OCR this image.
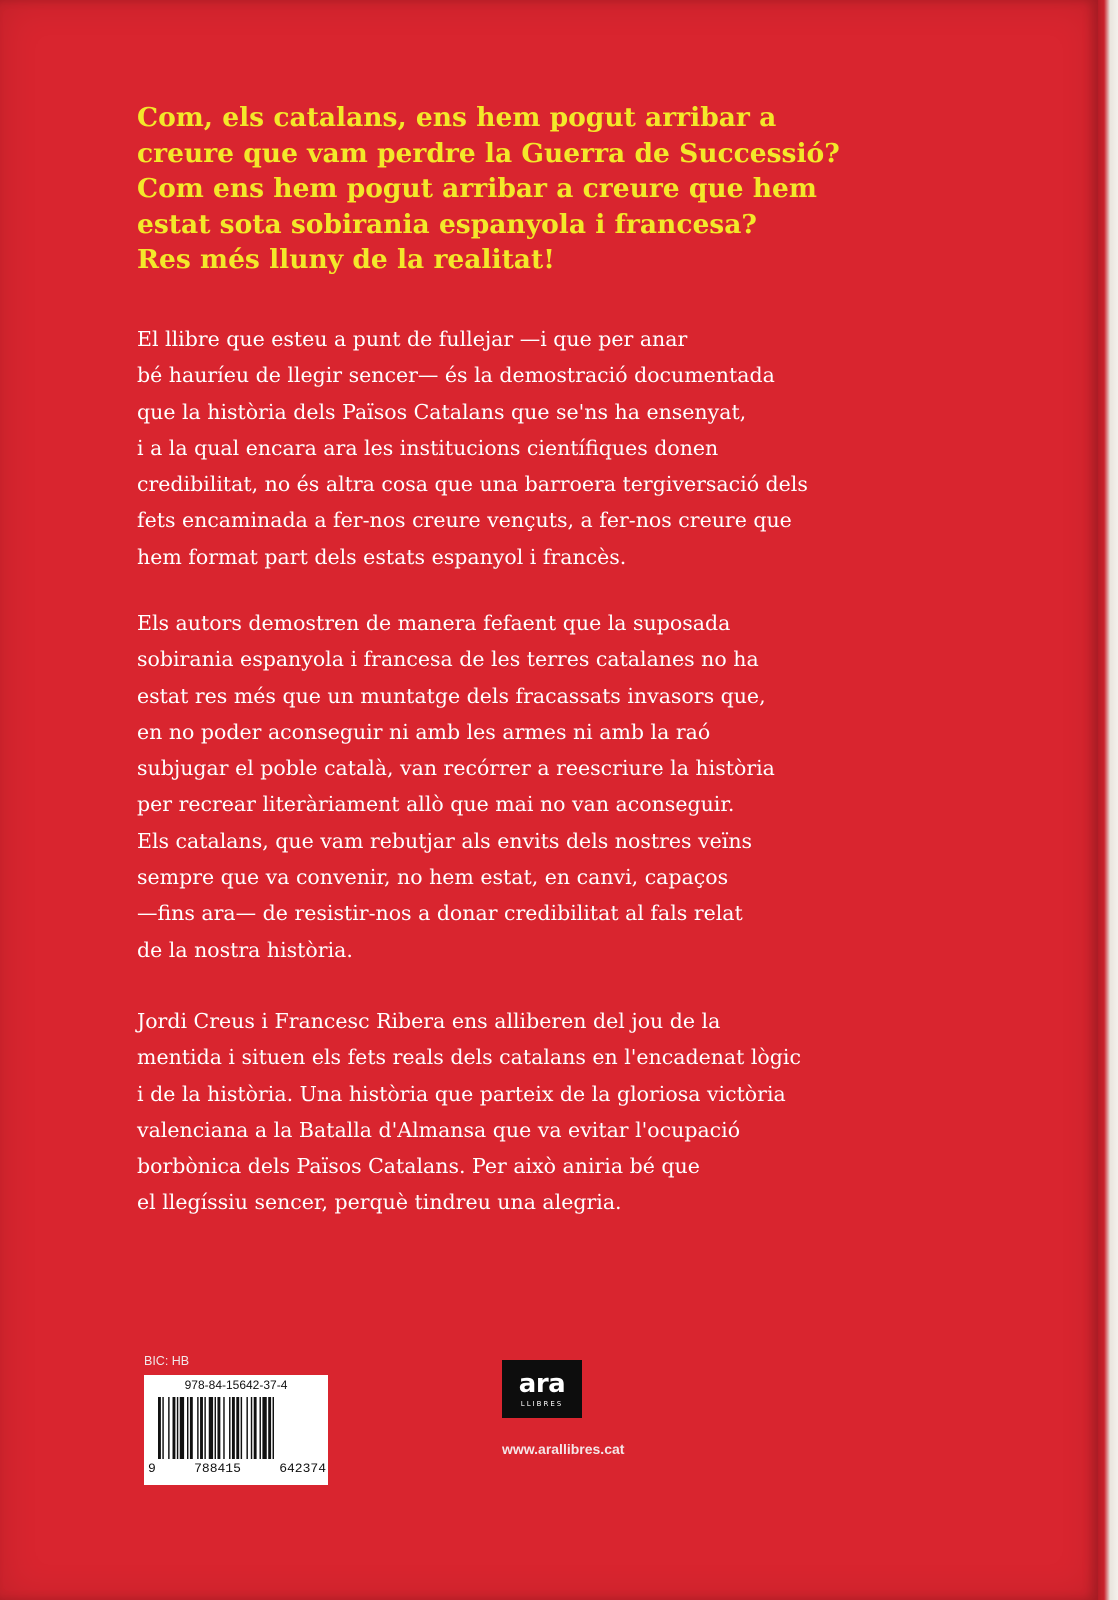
Com, els catalans, ens hem pogut arribar a
creure que vam perdre la Guerra de Successió?
Com ens hem pogut arribar a creure que hem
estat sota sobirania espanyola i francesa?
Res més lluny de la realitat!
El llibre que esteu a punt de fullejar —i que per anar
bé hauríeu de llegir sencer— és la demostració documentada
que la història dels Països Catalans que se'ns ha ensenyat,
i a la qual encara ara les institucions científiques donen
credibilitat, no és altra cosa que una barroera tergiversació dels
fets encaminada a fer-nos creure vençuts, a fer-nos creure que
hem format part dels estats espanyol i francès.
Els autors demostren de manera fefaent que la suposada
sobirania espanyola i francesa de les terres catalanes no ha
estat res més que un muntatge dels fracassats invasors que,
en no poder aconseguir ni amb les armes ni amb la raó
subjugar el poble català, van recórrer a reescriure la història
per recrear literàriament allò que mai no van aconseguir.
Els catalans, que vam rebutjar als envits dels nostres veïns
sempre que va convenir, no hem estat, en canvi, capaços
—fins ara— de resistir-nos a donar credibilitat al fals relat
de la nostra història.
Jordi Creus i Francesc Ribera ens alliberen del jou de la
mentida i situen els fets reals dels catalans en l'encadenat lògic
i de la història. Una història que parteix de la gloriosa victòria
valenciana a la Batalla d'Almansa que va evitar l'ocupació
borbònica dels Països Catalans. Per això aniria bé que
el llegíssiu sencer, perquè tindreu una alegria.
BIC: HB
978-84-15642-37-4
9	788415	642374
ara
LLIBRES
www.arallibres.cat
